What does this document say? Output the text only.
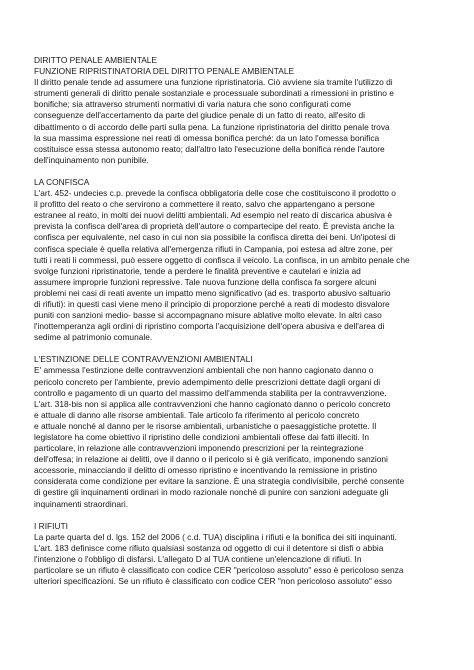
DIRITTO PENALE AMBIENTALE
FUNZIONE RIPRISTINATORIA DEL DIRITTO PENALE AMBIENTALE
Il diritto penale tende ad assumere una funzione ripristinatoria. Ciò avviene sia tramite l'utilizzo di
strumenti generali di diritto penale sostanziale e processuale subordinati a rimessioni in pristino e
bonifiche; sia attraverso strumenti normativi di varia natura che sono configurati come
conseguenze dell'accertamento da parte del giudice penale di un fatto di reato, all'esito di
dibattimento o di accordo delle parti sulla pena. La funzione ripristinatoria del diritto penale trova
la sua massima espressione nei reati di omessa bonifica perché: da un lato l'omessa bonifica
costituisce essa stessa autonomo reato; dall'altro lato l'esecuzione della bonifica rende l'autore
dell'inquinamento non punibile.
LA CONFISCA
L'art. 452- undecies c.p. prevede la confisca obbligatoria delle cose che costituiscono il prodotto o
il profitto del reato o che servirono a commettere il reato, salvo che appartengano a persone
estranee al reato, in molti dei nuovi delitti ambientali. Ad esempio nel reato di discarica abusiva è
prevista la confisca dell'area di proprietà dell'autore o compartecipe del reato. È prevista anche la
confisca per equivalente, nel caso in cui non sia possibile la confisca diretta dei beni. Un'ipotesi di
confisca speciale è quella relativa all'emergenza rifiuti in Campania, poi estesa ad altre zone, per
tutti i reati li commessi, può essere oggetto di confisca il veicolo. La confisca, in un ambito penale che
svolge funzioni ripristinatorie, tende a perdere le finalità preventive e cautelari e inizia ad
assumere improprie funzioni repressive. Tale nuova funzione della confisca fa sorgere alcuni
problemi nei casi di reati avente un impatto meno significativo (ad es. trasporto abusivo saltuario
di rifiuti): in questi casi viene meno il principio di proporzione perché a reati di modesto disvalore
puniti con sanzioni medio- basse si accompagnano misure ablative molto elevate. In altri caso
l'inottemperanza agli ordini di ripristino comporta l'acquisizione dell'opera abusiva e dell'area di
sedime al patrimonio comunale.
L'ESTINZIONE DELLE CONTRAVVENZIONI AMBIENTALI
E' ammessa l'estinzione delle contravvenzioni ambientali che non hanno cagionato danno o
pericolo concreto per l'ambiente, previo adempimento delle prescrizioni dettate dagli organi di
controllo e pagamento di un quarto del massimo dell'ammenda stabilita per la contravvenzione.
L'art. 318-bis non si applica alle contravvenzioni che hanno cagionato danno o pericolo concreto
e attuale di danno alle risorse ambientali. Tale articolo fa riferimento al pericolo concreto
e attuale nonché al danno per le risorse ambientali, urbanistiche o paesaggistiche protette. Il
legislatore ha come obiettivo il ripristino delle condizioni ambientali offese dai fatti illeciti. In
particolare, in relazione alle contravvenzioni imponendo prescrizioni per la reintegrazione
dell'offesa; in relazione ai delitti, ove il danno o il pericolo si è già verificato, imponendo sanzioni
accessorie, minacciando il delitto di omesso ripristino e incentivando la remissione in pristino
considerata come condizione per evitare la sanzione. È una strategia condivisibile, perché consente
di gestire gli inquinamenti ordinari in modo razionale nonché di punire con sanzioni adeguate gli
inquinamenti straordinari.
I RIFIUTI
La parte quarta del d. lgs. 152 del 2006 ( c.d. TUA) disciplina i rifiuti e la bonifica dei siti inquinanti.
L'art. 183 definisce come rifiuto qualsiasi sostanza od oggetto di cui il detentore si disfi o abbia
l'intenzione o l'obbligo di disfarsi. L'allegato D al TUA contiene un'elencazione di rifiuti. In
particolare se un rifiuto è classificato con codice CER "pericoloso assoluto" esso è pericoloso senza
ulteriori specificazioni. Se un rifiuto è classificato con codice CER "non pericoloso assoluto" esso
